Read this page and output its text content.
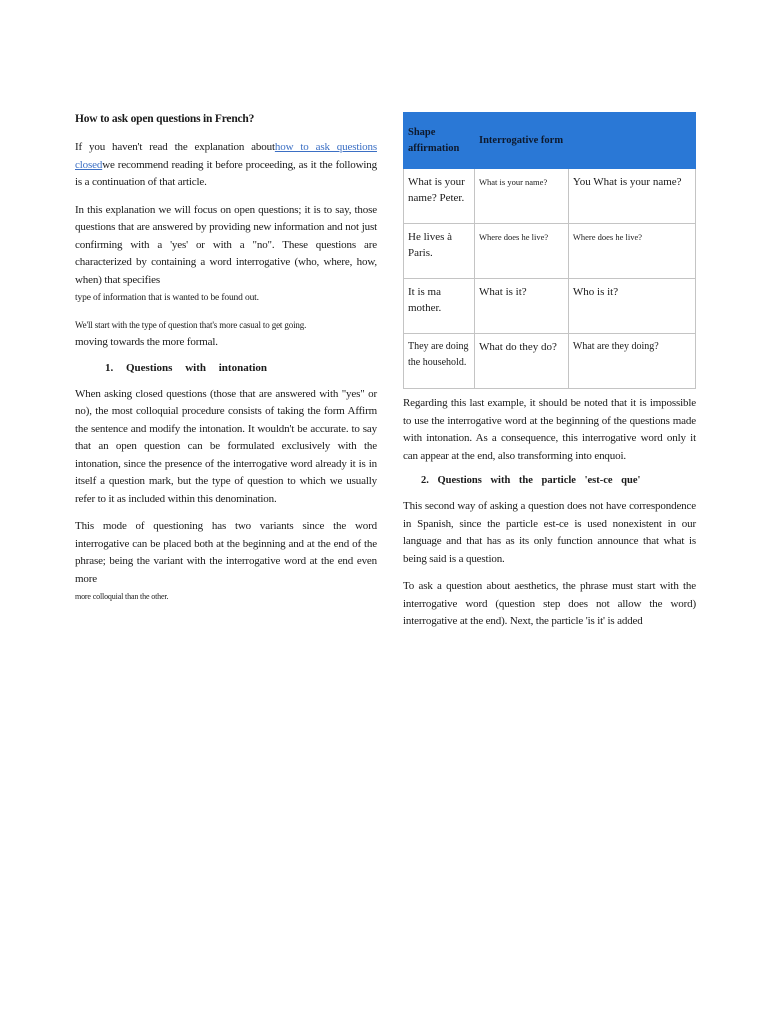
How to ask open questions in French?

If you haven't read the explanation abouthow to ask questions closedwe recommend reading it before proceeding, as it the following is a continuation of that article.

In this explanation we will focus on open questions; it is to say, those questions that are answered by providing new information and not just confirming with a 'yes' or with a "no". These questions are characterized by containing a word interrogative (who, where, how, when) that specifies
type of information that is wanted to be found out.

We'll start with the type of question that's more casual to get going.
moving towards the more formal.

1. Questions with intonation

When asking closed questions (those that are answered with "yes" or no), the most colloquial procedure consists of taking the form Affirm the sentence and modify the intonation. It wouldn't be accurate. to say that an open question can be formulated exclusively with the intonation, since the presence of the interrogative word already it is in itself a question mark, but the type of question to which we usually refer to it as included within this denomination.

This mode of questioning has two variants since the word interrogative can be placed both at the beginning and at the end of the phrase; being the variant with the interrogative word at the end even more
more colloquial than the other.

Shape affirmation	Interrogative form	
What is your name? Peter.	What is your name?	You What is your name?
He lives à Paris.	Where does he live?	Where does he live?
It is ma mother.	What is it?	Who is it?
They are doing the household.	What do they do?	What are they doing?

Regarding this last example, it should be noted that it is impossible to use the interrogative word at the beginning of the questions made with intonation. As a consequence, this interrogative word only it can appear at the end, also transforming into enquoi.

2. Questions with the particle 'est-ce que'

This second way of asking a question does not have correspondence in Spanish, since the particle est-ce is used nonexistent in our language and that has as its only function announce that what is being said is a question.

To ask a question about aesthetics, the phrase must start with the interrogative word (question step does not allow the word) interrogative at the end). Next, the particle 'is it' is added
